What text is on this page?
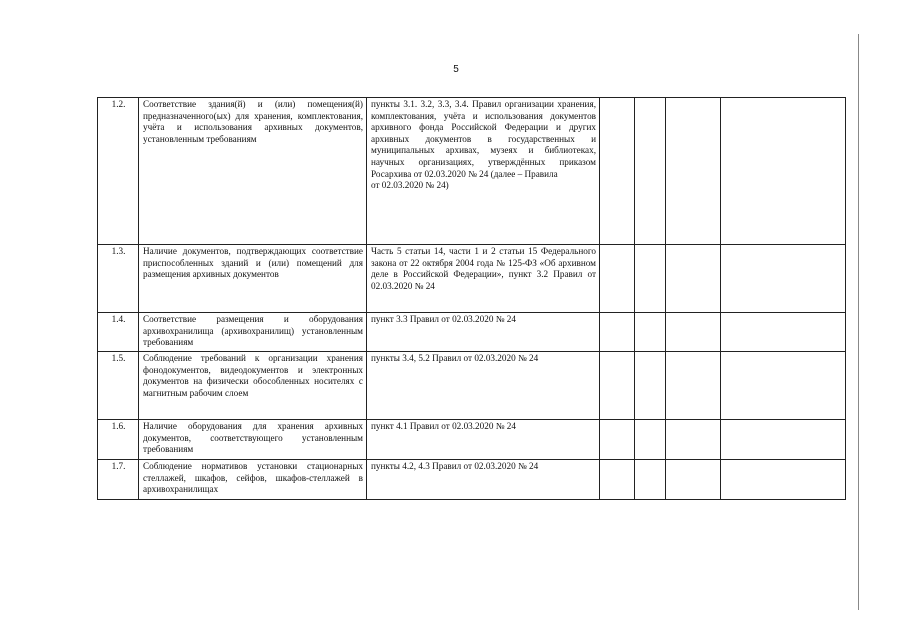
5
1.2.	Соответствие здания(й) и (или) помещения(й) предназначенного(ых) для хранения, комплектования, учёта и использования архивных документов, установленным требованиям	пункты 3.1. 3.2, 3.3, 3.4. Правил организации хранения, комплектования, учёта и использования документов архивного фонда Российской Федерации и других архивных документов в государственных и муниципальных архивах, музеях и библиотеках, научных организациях, утверждённых приказом Росархива от 02.03.2020 № 24 (далее – Правила
от 02.03.2020 № 24)				

1.3.	Наличие документов, подтверждающих соответствие приспособленных зданий и (или) помещений для размещения архивных документов	Часть 5 статьи 14, части 1 и 2 статьи 15 Федерального закона от 22 октября 2004 года № 125-ФЗ «Об архивном деле в Российской Федерации», пункт 3.2 Правил от 02.03.2020 № 24				
1.4.	Соответствие размещения и оборудования архивохранилища (архивохранилищ) установленным требованиям	пункт 3.3 Правил от 02.03.2020 № 24				
1.5.	Соблюдение требований к организации хранения фонодокументов, видеодокументов и электронных документов на физически обособленных носителях с магнитным рабочим слоем	пункты 3.4, 5.2 Правил от 02.03.2020 № 24				
1.6.	Наличие оборудования для хранения архивных документов, соответствующего установленным требованиям	пункт 4.1 Правил от 02.03.2020 № 24				
1.7.	Соблюдение нормативов установки стационарных стеллажей, шкафов, сейфов, шкафов-стеллажей в архивохранилищах	пункты 4.2, 4.3 Правил от 02.03.2020 № 24				
